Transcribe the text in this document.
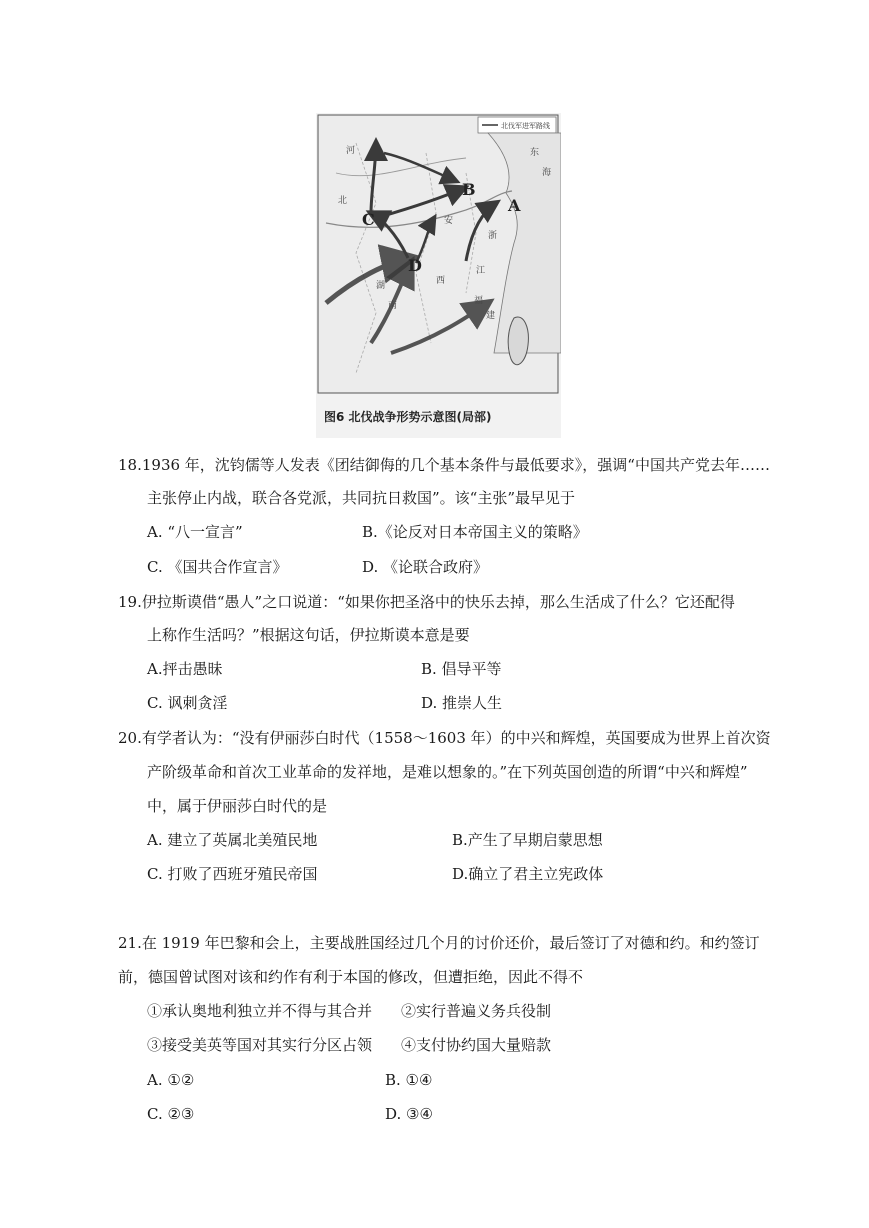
北伐军进军路线
A
B
C
D
东
海
江
西
福
建
湖
南
河
北
浙
安
图6 北伐战争形势示意图(局部)
18.1936 年，沈钧儒等人发表《团结御侮的几个基本条件与最低要求》，强调“中国共产党去年……
主张停止内战，联合各党派，共同抗日救国”。该“主张”最早见于
A. “八一宣言”	B.《论反对日本帝国主义的策略》
C. 《国共合作宣言》	D. 《论联合政府》
19.伊拉斯谟借“愚人”之口说道：“如果你把圣洛中的快乐去掉，那么生活成了什么？它还配得
上称作生活吗？”根据这句话，伊拉斯谟本意是要
A.抨击愚昧	B. 倡导平等
C. 讽刺贪淫	D. 推崇人生
20.有学者认为：“没有伊丽莎白时代（1558～1603 年）的中兴和辉煌，英国要成为世界上首次资
产阶级革命和首次工业革命的发祥地，是难以想象的。”在下列英国创造的所谓“中兴和辉煌”
中，属于伊丽莎白时代的是
A. 建立了英属北美殖民地	B.产生了早期启蒙思想
C. 打败了西班牙殖民帝国	D.确立了君主立宪政体
21.在 1919 年巴黎和会上，主要战胜国经过几个月的讨价还价，最后签订了对德和约。和约签订
前，德国曾试图对该和约作有利于本国的修改，但遭拒绝，因此不得不
①承认奥地利独立并不得与其合并 ②实行普遍义务兵役制
③接受美英等国对其实行分区占领 ④支付协约国大量赔款
A. ①②	B. ①④
C. ②③	D. ③④
